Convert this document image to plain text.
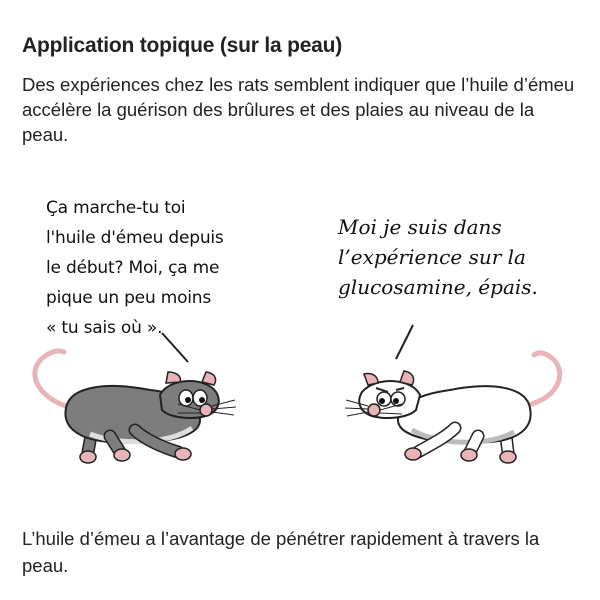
Application topique (sur la peau)
Des expériences chez les rats semblent indiquer que l’huile d’émeu accélère la guérison des brûlures et des plaies au niveau de la peau.
Ça marche-tu toi
l'huile d'émeu depuis
le début? Moi, ça me
pique un peu moins
« tu sais où ».
Moi je suis dans
l’expérience sur la
glucosamine, épais.
L’huile d’émeu a l’avantage de pénétrer rapidement à travers la peau.
